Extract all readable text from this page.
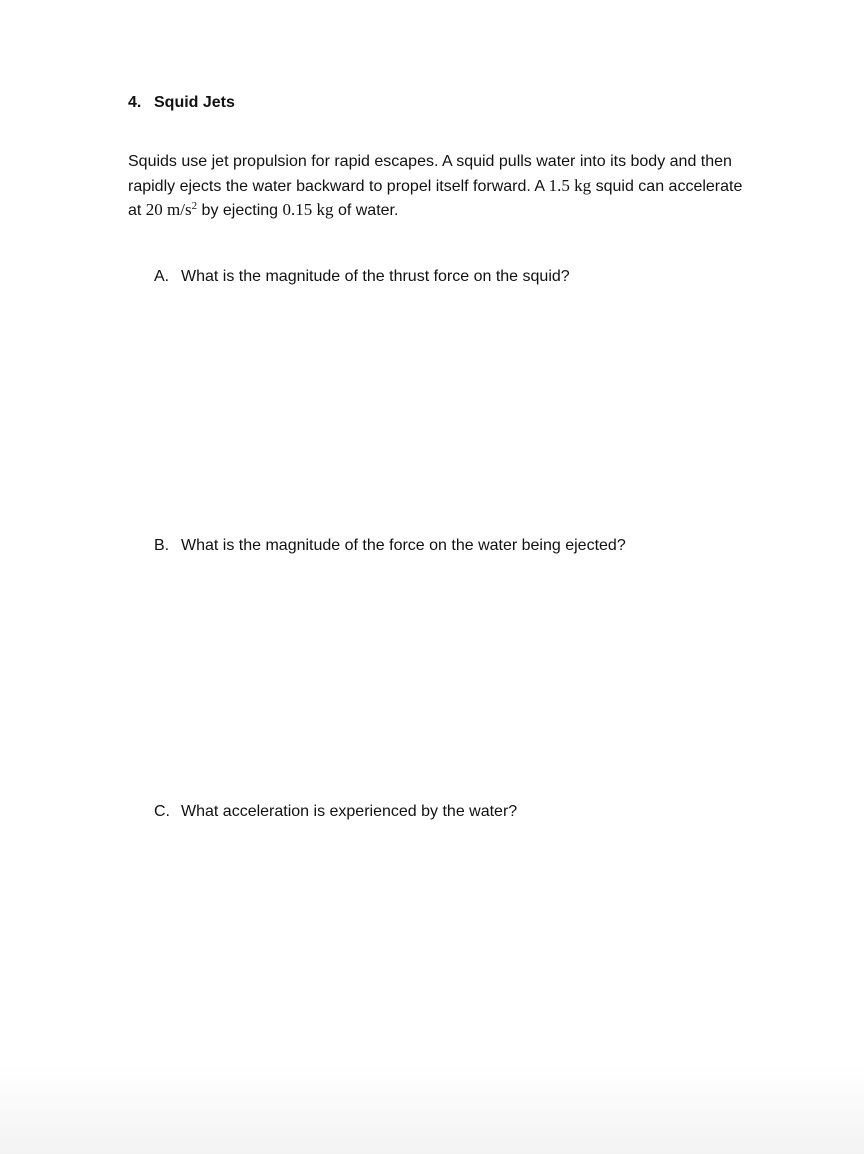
4. Squid Jets
Squids use jet propulsion for rapid escapes. A squid pulls water into its body and then
rapidly ejects the water backward to propel itself forward. A 1.5 kg squid can accelerate
at 20 $m/s^2$ by ejecting 0.15 kg of water.
A. What is the magnitude of the thrust force on the squid?
B. What is the magnitude of the force on the water being ejected?
C. What acceleration is experienced by the water?
